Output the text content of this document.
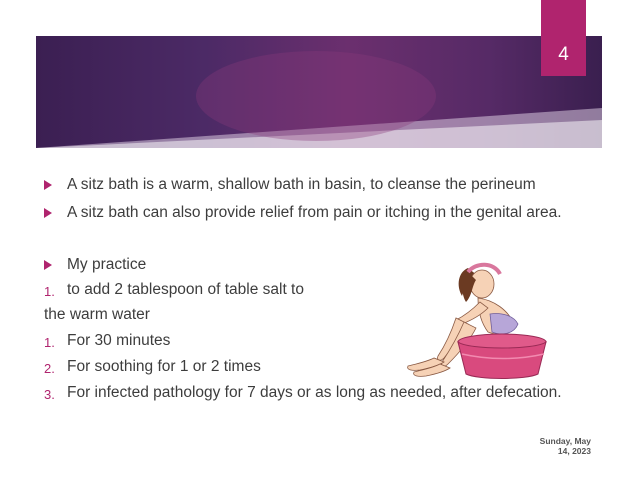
4
A sitz bath is a warm, shallow bath in basin, to cleanse the perineum
A sitz bath can also provide relief from pain or itching in the genital area.
My practice
1. to add 2 tablespoon of table salt to
the warm water
1. For 30 minutes
2. For soothing for 1 or 2 times
3. For infected pathology for 7 days or as long as needed, after defecation.
Sunday, May
14, 2023
